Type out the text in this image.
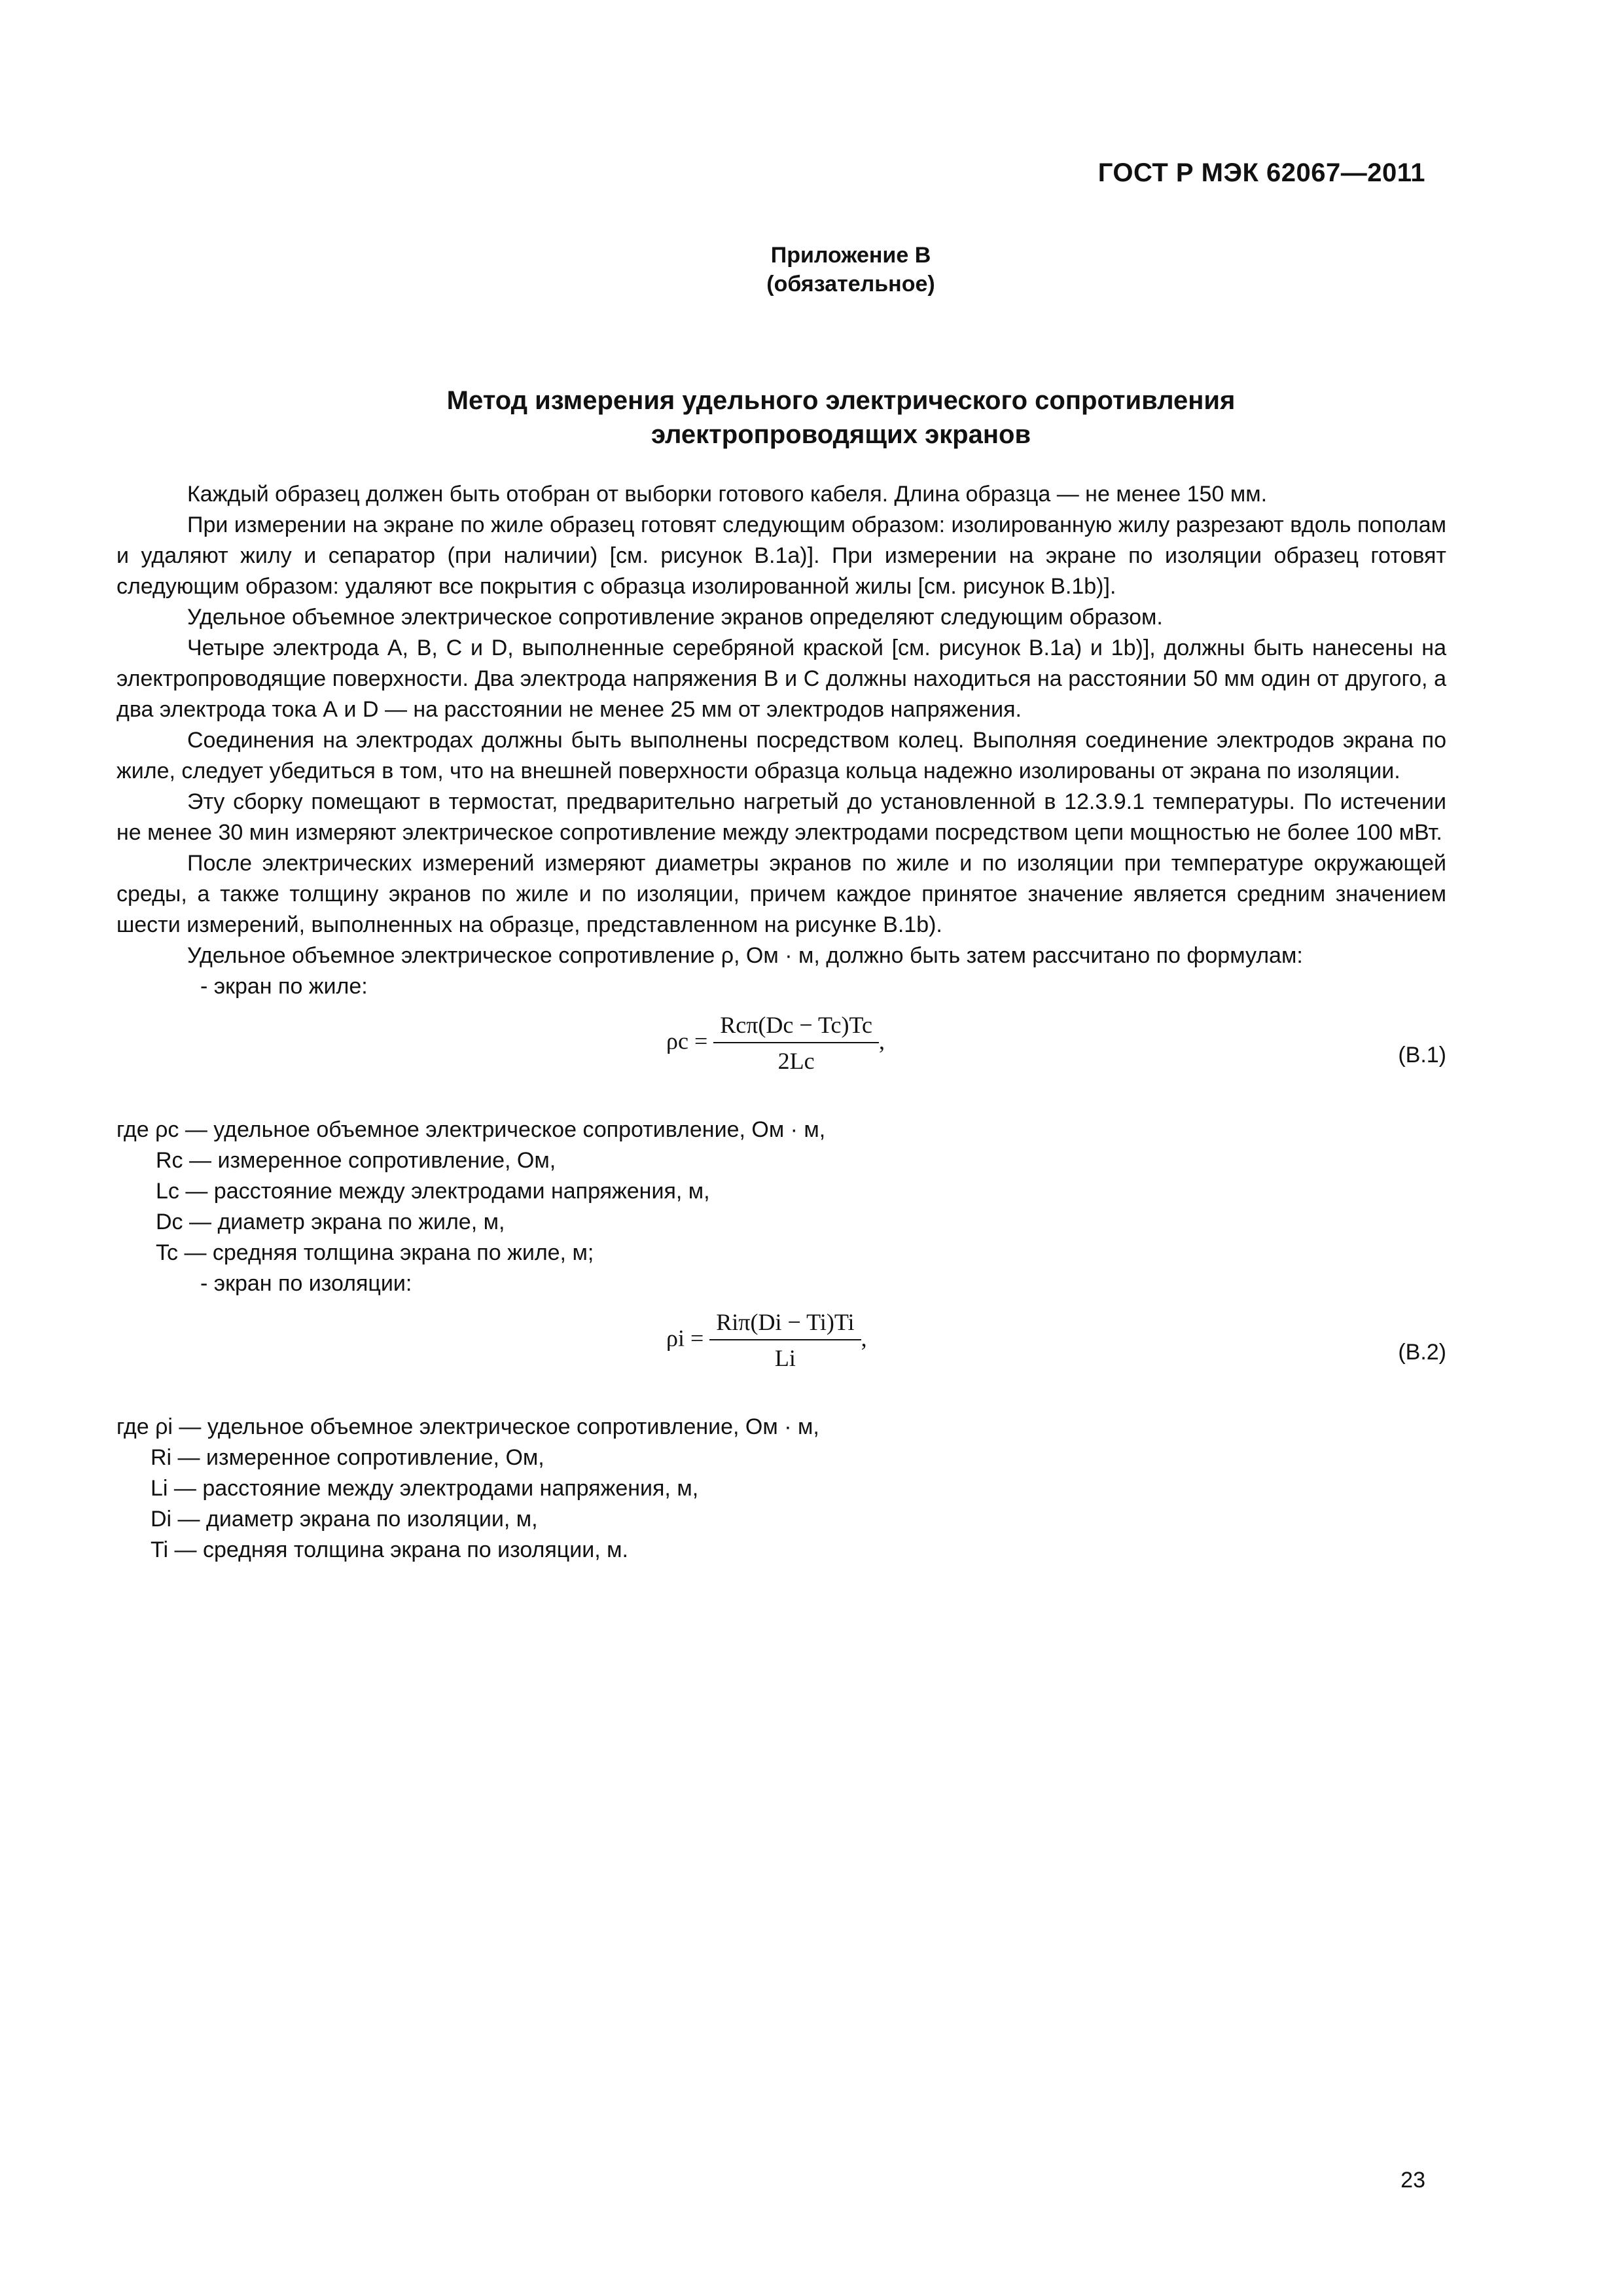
ГОСТ Р МЭК 62067—2011
Приложение В
(обязательное)
Метод измерения удельного электрического сопротивления
электропроводящих экранов

Каждый образец должен быть отобран от выборки готового кабеля. Длина образца — не менее 150 мм.

При измерении на экране по жиле образец готовят следующим образом: изолированную жилу разрезают вдоль пополам и удаляют жилу и сепаратор (при наличии) [см. рисунок В.1a)]. При измерении на экране по изоляции образец готовят следующим образом: удаляют все покрытия с образца изолированной жилы [см. рисунок В.1b)].

Удельное объемное электрическое сопротивление экранов определяют следующим образом.

Четыре электрода А, В, С и D, выполненные серебряной краской [см. рисунок В.1a) и 1b)], должны быть нанесены на электропроводящие поверхности. Два электрода напряжения В и С должны находиться на расстоянии 50 мм один от другого, а два электрода тока А и D — на расстоянии не менее 25 мм от электродов напряжения.

Соединения на электродах должны быть выполнены посредством колец. Выполняя соединение электродов экрана по жиле, следует убедиться в том, что на внешней поверхности образца кольца надежно изолированы от экрана по изоляции.

Эту сборку помещают в термостат, предварительно нагретый до установленной в 12.3.9.1 температуры. По истечении не менее 30 мин измеряют электрическое сопротивление между электродами посредством цепи мощностью не более 100 мВт.

После электрических измерений измеряют диаметры экранов по жиле и по изоляции при температуре окружающей среды, а также толщину экранов по жиле и по изоляции, причем каждое принятое значение является средним значением шести измерений, выполненных на образце, представленном на рисунке В.1b).

Удельное объемное электрическое сопротивление ρ, Ом · м, должно быть затем рассчитано по формулам:

- экран по жиле:

$\rho c = \frac{\text{Rcπ(Dc − Tc)Tc}}{2Lc}$ ,
(В.1)
где ρc — удельное объемное электрическое сопротивление, Ом · м,
Rc — измеренное сопротивление, Ом,
Lc — расстояние между электродами напряжения, м,
Dc — диаметр экрана по жиле, м,
Tc — средняя толщина экрана по жиле, м;

- экран по изоляции:

$\rho i = \frac{\text{Riπ(Di − Ti)Ti}}{Li}$ ,
(В.2)
где ρi — удельное объемное электрическое сопротивление, Ом · м,
Ri — измеренное сопротивление, Ом,
Li — расстояние между электродами напряжения, м,
Di — диаметр экрана по изоляции, м,
Ti — средняя толщина экрана по изоляции, м.
23
